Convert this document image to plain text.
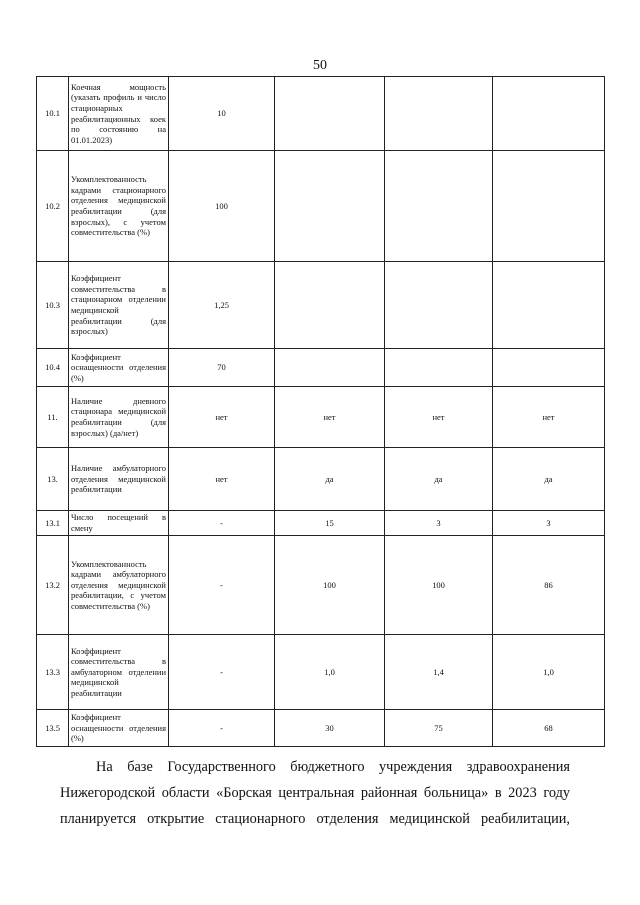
50
10.1	Коечная мощность (указать профиль и число стационарных реабилитационных коек по состоянию на 01.01.2023)	10			
10.2	Укомплектованность кадрами стационарного отделения медицинской реабилитации (для взрослых), с учетом совместительства (%)	100			
10.3	Коэффициент совместительства в стационарном отделении медицинской реабилитации (для взрослых)	1,25			
10.4	Коэффициент оснащенности отделения (%)	70			
11.	Наличие дневного стационара медицинской реабилитации (для взрослых) (да/нет)	нет	нет	нет	нет
13.	Наличие амбулаторного отделения медицинской реабилитации	нет	да	да	да
13.1	Число посещений в смену	-	15	3	3
13.2	Укомплектованность кадрами амбулаторного отделения медицинской реабилитации, с учетом совместительства (%)	-	100	100	86
13.3	Коэффициент совместительства в амбулаторном отделении медицинской реабилитации	-	1,0	1,4	1,0
13.5	Коэффициент оснащенности отделения (%)	-	30	75	68

На базе Государственного бюджетного учреждения здравоохранения Нижегородской области «Борская центральная районная больница» в 2023 году планируется открытие стационарного отделения медицинской реабилитации,
